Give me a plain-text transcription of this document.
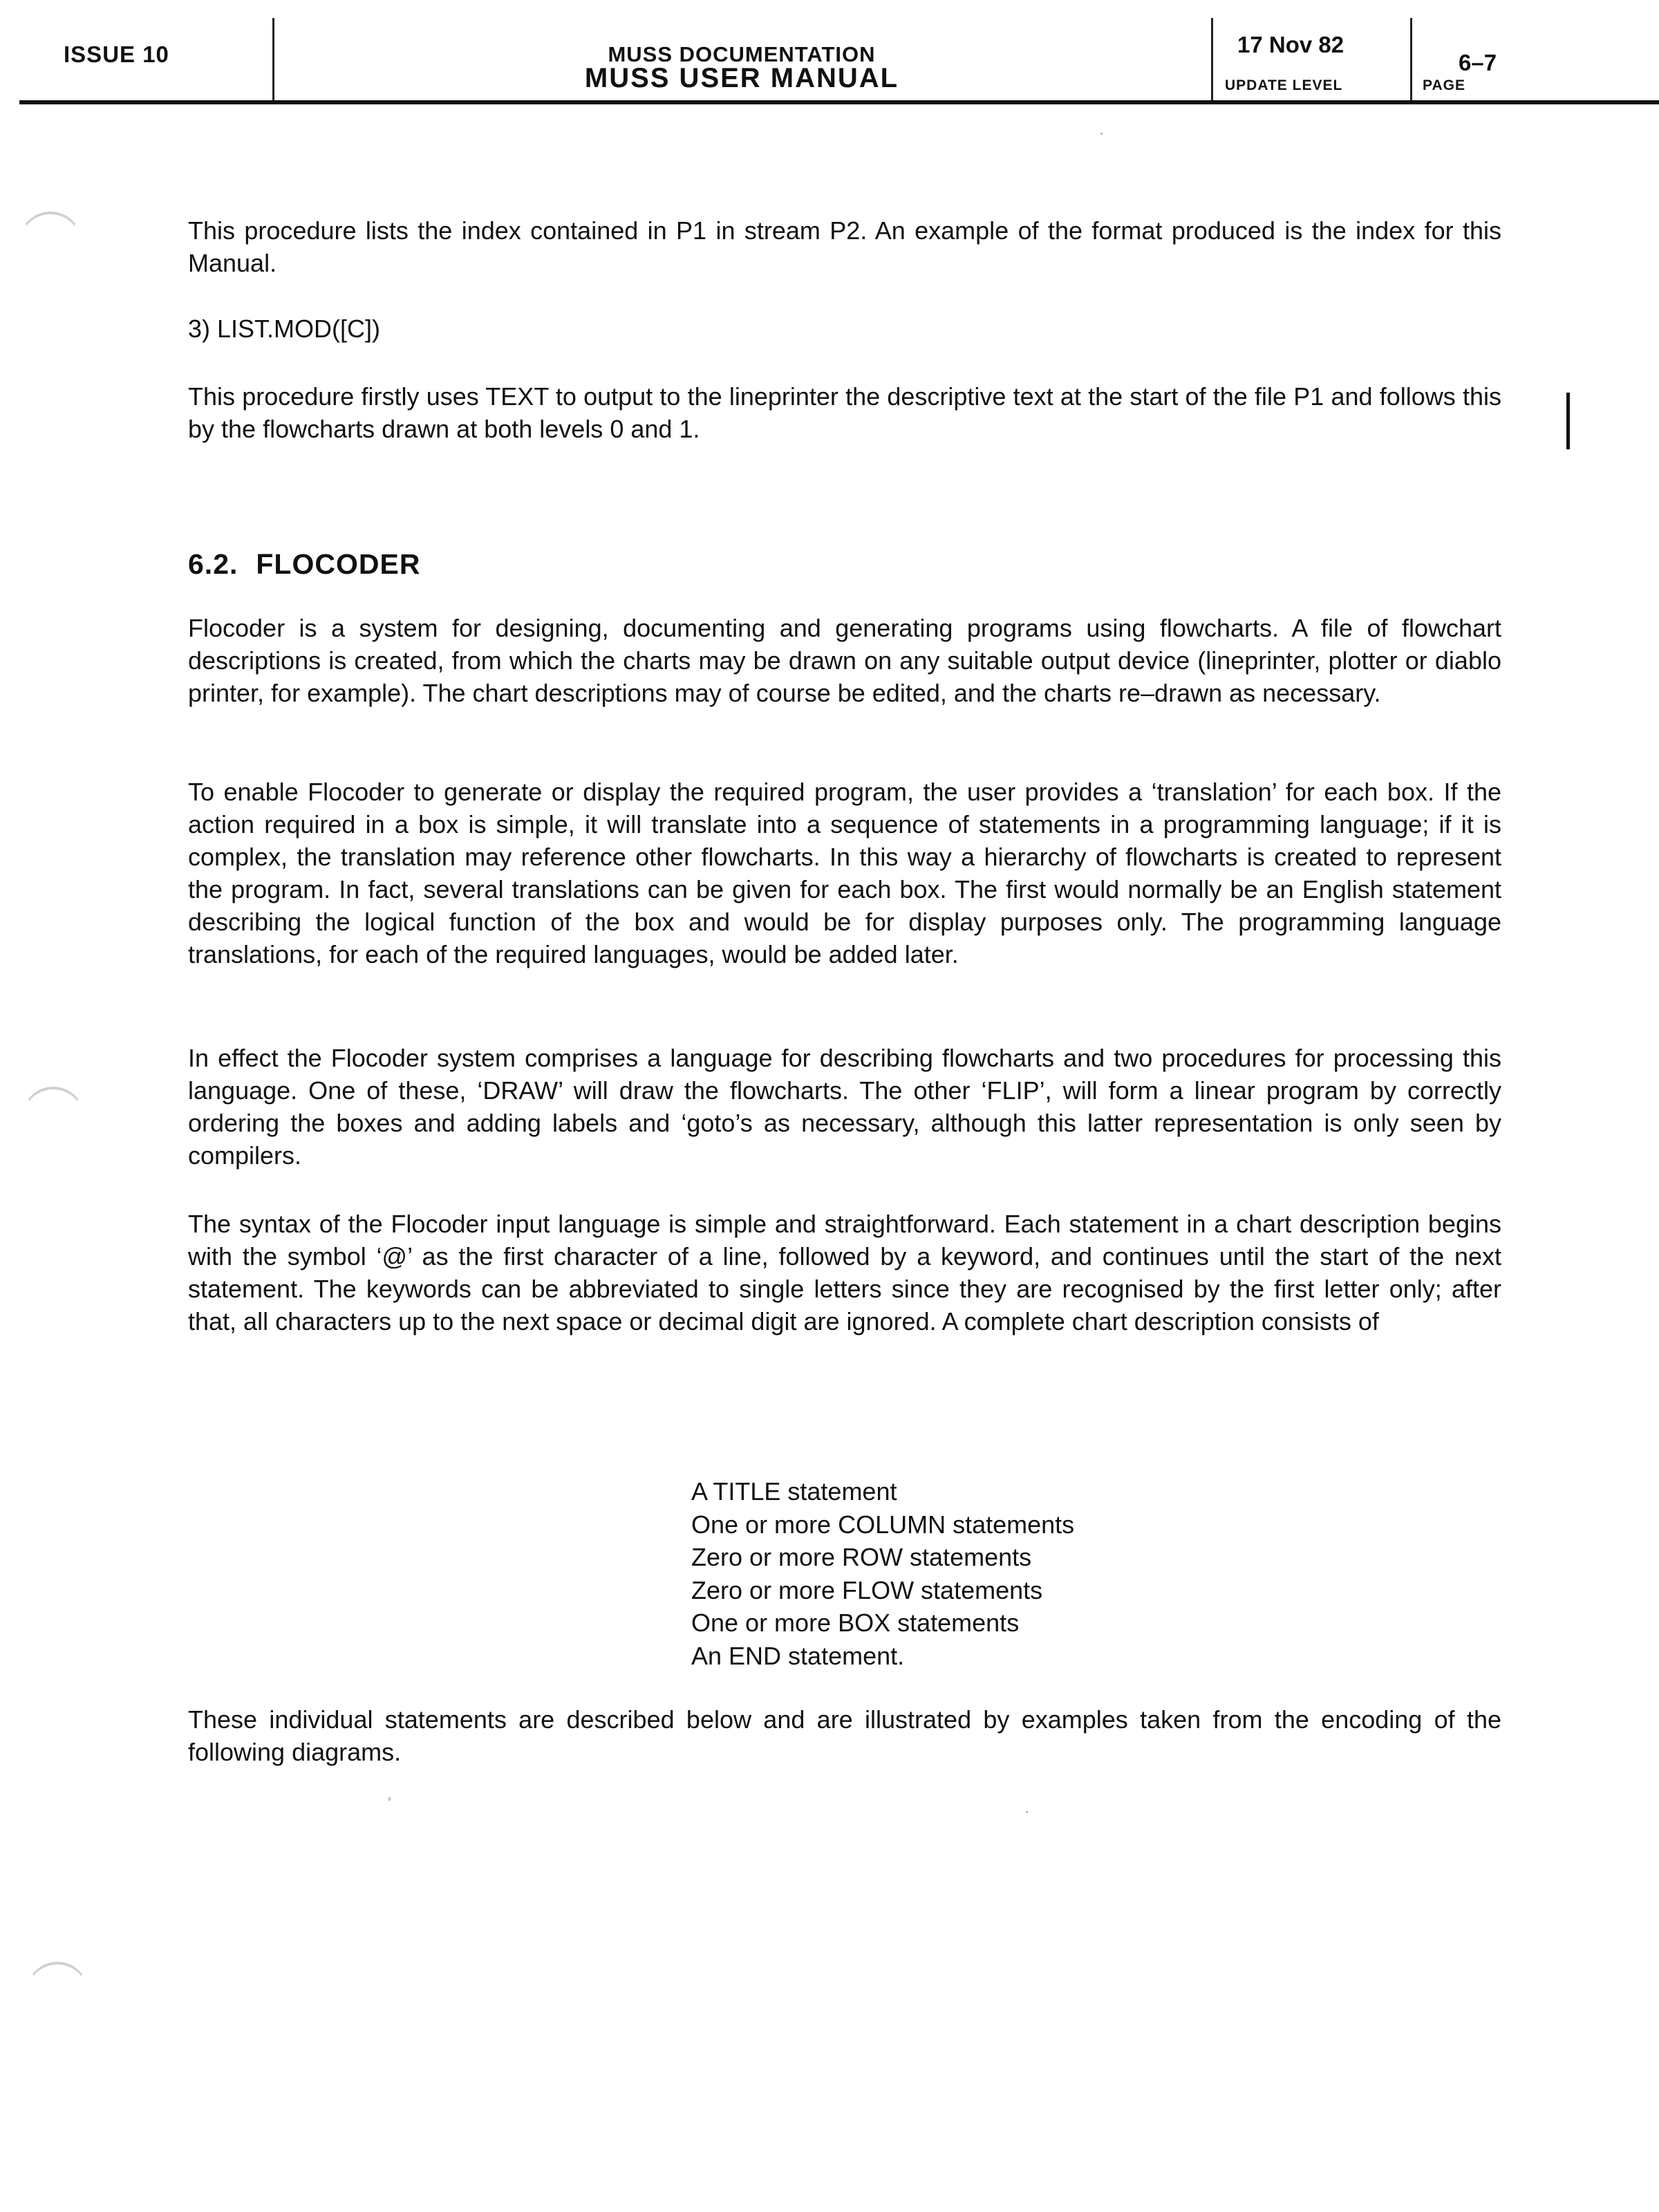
ISSUE 10	MUSS DOCUMENTATION
MUSS USER MANUAL
17 Nov 82
UPDATE LEVEL
6–7
PAGE

This procedure lists the index contained in P1 in stream P2. An example of the format produced is the index for this Manual.

3) LIST.MOD([C])

This procedure firstly uses TEXT to output to the lineprinter the descriptive text at the start of the file P1 and follows this by the flowcharts drawn at both levels 0 and 1.

6.2. FLOCODER

Flocoder is a system for designing, documenting and generating programs using flowcharts. A file of flowchart descriptions is created, from which the charts may be drawn on any suitable output device (lineprinter, plotter or diablo printer, for example). The chart descriptions may of course be edited, and the charts re–drawn as necessary.

To enable Flocoder to generate or display the required program, the user provides a ‘translation’ for each box. If the action required in a box is simple, it will translate into a sequence of statements in a programming language; if it is complex, the translation may reference other flowcharts. In this way a hierarchy of flowcharts is created to represent the program. In fact, several translations can be given for each box. The first would normally be an English statement describing the logical function of the box and would be for display purposes only. The programming language translations, for each of the required languages, would be added later.

In effect the Flocoder system comprises a language for describing flowcharts and two procedures for processing this language. One of these, ‘DRAW’ will draw the flowcharts. The other ‘FLIP’, will form a linear program by correctly ordering the boxes and adding labels and ‘goto’s as necessary, although this latter representation is only seen by compilers.

The syntax of the Flocoder input language is simple and straightforward. Each statement in a chart description begins with the symbol ‘@’ as the first character of a line, followed by a keyword, and continues until the start of the next statement. The keywords can be abbreviated to single letters since they are recognised by the first letter only; after that, all characters up to the next space or decimal digit are ignored. A complete chart description consists of

A TITLE statement
One or more COLUMN statements
Zero or more ROW statements
Zero or more FLOW statements
One or more BOX statements
An END statement.

These individual statements are described below and are illustrated by examples taken from the encoding of the following diagrams.
